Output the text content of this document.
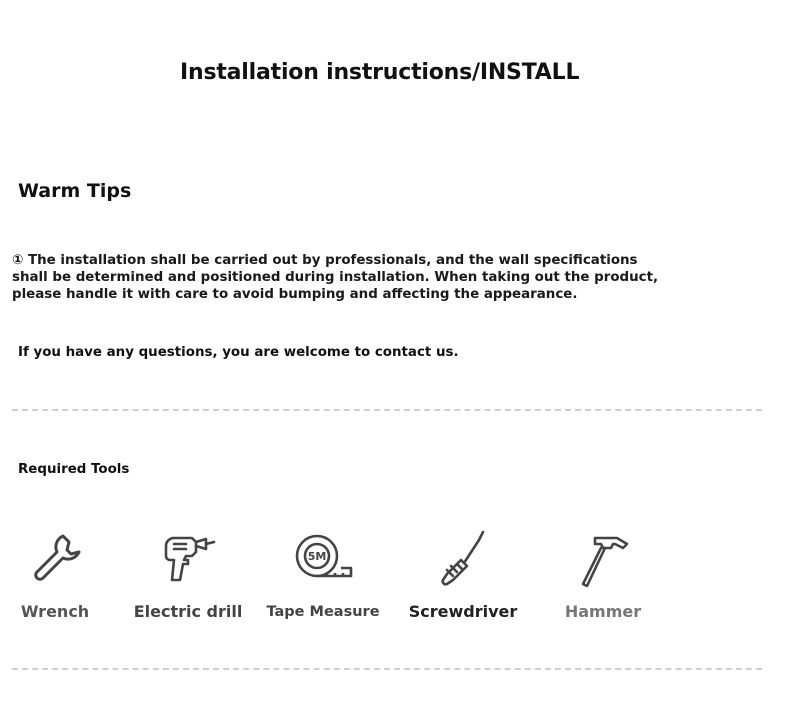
Installation instructions/INSTALL
Warm Tips
① The installation shall be carried out by professionals, and the wall specifications shall be determined and positioned during installation. When taking out the product, please handle it with care to avoid bumping and affecting the appearance.
If you have any questions, you are welcome to contact us.
Required Tools
Wrench	Electric drill
5M
Tape Measure	Screwdriver	Hammer
